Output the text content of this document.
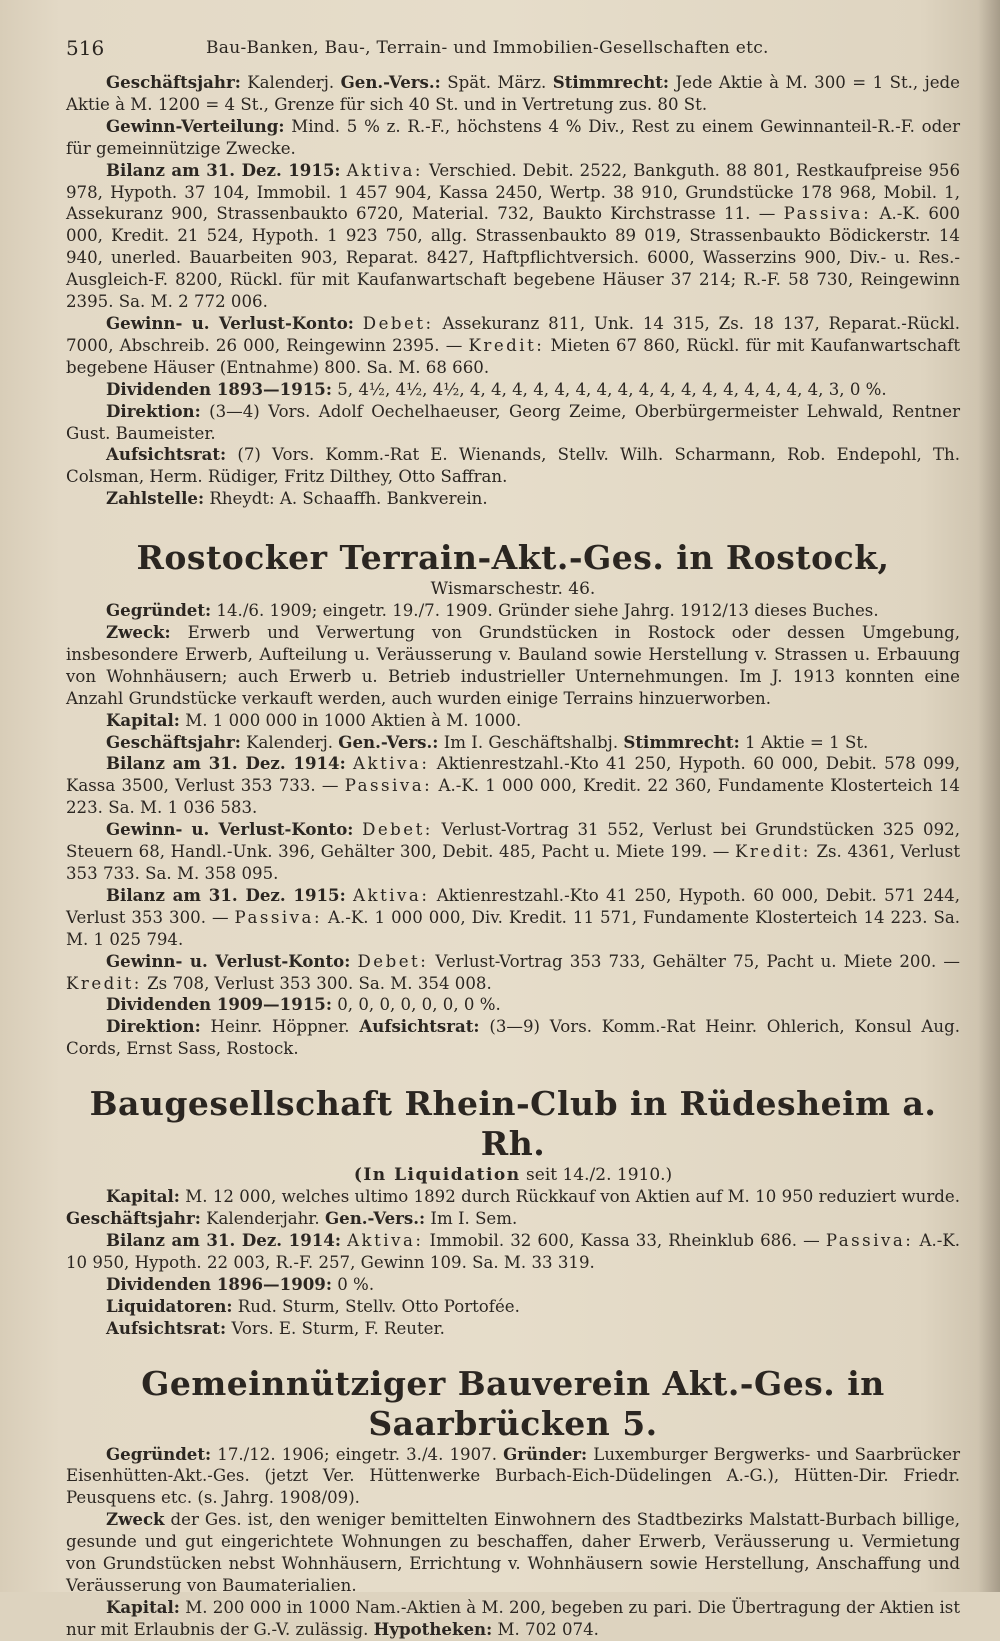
516	Bau-Banken, Bau-, Terrain- und Immobilien-Gesellschaften etc.

Geschäftsjahr: Kalenderj. Gen.-Vers.: Spät. März. Stimmrecht: Jede Aktie à M. 300 = 1 St., jede Aktie à M. 1200 = 4 St., Grenze für sich 40 St. und in Vertretung zus. 80 St.

Gewinn-Verteilung: Mind. 5 % z. R.-F., höchstens 4 % Div., Rest zu einem Gewinnanteil-R.-F. oder für gemeinnützige Zwecke.

Bilanz am 31. Dez. 1915: Aktiva: Verschied. Debit. 2522, Bankguth. 88 801, Restkaufpreise 956 978, Hypoth. 37 104, Immobil. 1 457 904, Kassa 2450, Wertp. 38 910, Grundstücke 178 968, Mobil. 1, Assekuranz 900, Strassenbaukto 6720, Material. 732, Baukto Kirchstrasse 11. — Passiva: A.-K. 600 000, Kredit. 21 524, Hypoth. 1 923 750, allg. Strassenbaukto 89 019, Strassenbaukto Bödickerstr. 14 940, unerled. Bauarbeiten 903, Reparat. 8427, Haftpflichtversich. 6000, Wasserzins 900, Div.- u. Res.-Ausgleich-F. 8200, Rückl. für mit Kaufanwartschaft begebene Häuser 37 214; R.-F. 58 730, Reingewinn 2395. Sa. M. 2 772 006.

Gewinn- u. Verlust-Konto: Debet: Assekuranz 811, Unk. 14 315, Zs. 18 137, Reparat.-Rückl. 7000, Abschreib. 26 000, Reingewinn 2395. — Kredit: Mieten 67 860, Rückl. für mit Kaufanwartschaft begebene Häuser (Entnahme) 800. Sa. M. 68 660.

Dividenden 1893—1915: 5, 4½, 4½, 4½, 4, 4, 4, 4, 4, 4, 4, 4, 4, 4, 4, 4, 4, 4, 4, 4, 4, 3, 0 %.

Direktion: (3—4) Vors. Adolf Oechelhaeuser, Georg Zeime, Oberbürgermeister Lehwald, Rentner Gust. Baumeister.

Aufsichtsrat: (7) Vors. Komm.-Rat E. Wienands, Stellv. Wilh. Scharmann, Rob. Endepohl, Th. Colsman, Herm. Rüdiger, Fritz Dilthey, Otto Saffran.

Zahlstelle: Rheydt: A. Schaaffh. Bankverein.

Rostocker Terrain-Akt.-Ges. in Rostock,

Wismarschestr. 46.

Gegründet: 14./6. 1909; eingetr. 19./7. 1909. Gründer siehe Jahrg. 1912/13 dieses Buches.

Zweck: Erwerb und Verwertung von Grundstücken in Rostock oder dessen Umgebung, insbesondere Erwerb, Aufteilung u. Veräusserung v. Bauland sowie Herstellung v. Strassen u. Erbauung von Wohnhäusern; auch Erwerb u. Betrieb industrieller Unternehmungen. Im J. 1913 konnten eine Anzahl Grundstücke verkauft werden, auch wurden einige Terrains hinzuerworben.

Kapital: M. 1 000 000 in 1000 Aktien à M. 1000.

Geschäftsjahr: Kalenderj. Gen.-Vers.: Im I. Geschäftshalbj. Stimmrecht: 1 Aktie = 1 St.

Bilanz am 31. Dez. 1914: Aktiva: Aktienrestzahl.-Kto 41 250, Hypoth. 60 000, Debit. 578 099, Kassa 3500, Verlust 353 733. — Passiva: A.-K. 1 000 000, Kredit. 22 360, Fundamente Klosterteich 14 223. Sa. M. 1 036 583.

Gewinn- u. Verlust-Konto: Debet: Verlust-Vortrag 31 552, Verlust bei Grundstücken 325 092, Steuern 68, Handl.-Unk. 396, Gehälter 300, Debit. 485, Pacht u. Miete 199. — Kredit: Zs. 4361, Verlust 353 733. Sa. M. 358 095.

Bilanz am 31. Dez. 1915: Aktiva: Aktienrestzahl.-Kto 41 250, Hypoth. 60 000, Debit. 571 244, Verlust 353 300. — Passiva: A.-K. 1 000 000, Div. Kredit. 11 571, Fundamente Klosterteich 14 223. Sa. M. 1 025 794.

Gewinn- u. Verlust-Konto: Debet: Verlust-Vortrag 353 733, Gehälter 75, Pacht u. Miete 200. — Kredit: Zs 708, Verlust 353 300. Sa. M. 354 008.

Dividenden 1909—1915: 0, 0, 0, 0, 0, 0, 0 %.

Direktion: Heinr. Höppner. Aufsichtsrat: (3—9) Vors. Komm.-Rat Heinr. Ohlerich, Konsul Aug. Cords, Ernst Sass, Rostock.

Baugesellschaft Rhein-Club in Rüdesheim a. Rh.

(In Liquidation seit 14./2. 1910.)

Kapital: M. 12 000, welches ultimo 1892 durch Rückkauf von Aktien auf M. 10 950 reduziert wurde. Geschäftsjahr: Kalenderjahr. Gen.-Vers.: Im I. Sem.

Bilanz am 31. Dez. 1914: Aktiva: Immobil. 32 600, Kassa 33, Rheinklub 686. — Passiva: A.-K. 10 950, Hypoth. 22 003, R.-F. 257, Gewinn 109. Sa. M. 33 319.

Dividenden 1896—1909: 0 %.

Liquidatoren: Rud. Sturm, Stellv. Otto Portofée.

Aufsichtsrat: Vors. E. Sturm, F. Reuter.

Gemeinnütziger Bauverein Akt.-Ges. in Saarbrücken 5.

Gegründet: 17./12. 1906; eingetr. 3./4. 1907. Gründer: Luxemburger Bergwerks- und Saarbrücker Eisenhütten-Akt.-Ges. (jetzt Ver. Hüttenwerke Burbach-Eich-Düdelingen A.-G.), Hütten-Dir. Friedr. Peusquens etc. (s. Jahrg. 1908/09).

Zweck der Ges. ist, den weniger bemittelten Einwohnern des Stadtbezirks Malstatt-Burbach billige, gesunde und gut eingerichtete Wohnungen zu beschaffen, daher Erwerb, Veräusserung u. Vermietung von Grundstücken nebst Wohnhäusern, Errichtung v. Wohnhäusern sowie Herstellung, Anschaffung und Veräusserung von Baumaterialien.

Kapital: M. 200 000 in 1000 Nam.-Aktien à M. 200, begeben zu pari. Die Übertragung der Aktien ist nur mit Erlaubnis der G.-V. zulässig. Hypotheken: M. 702 074.
